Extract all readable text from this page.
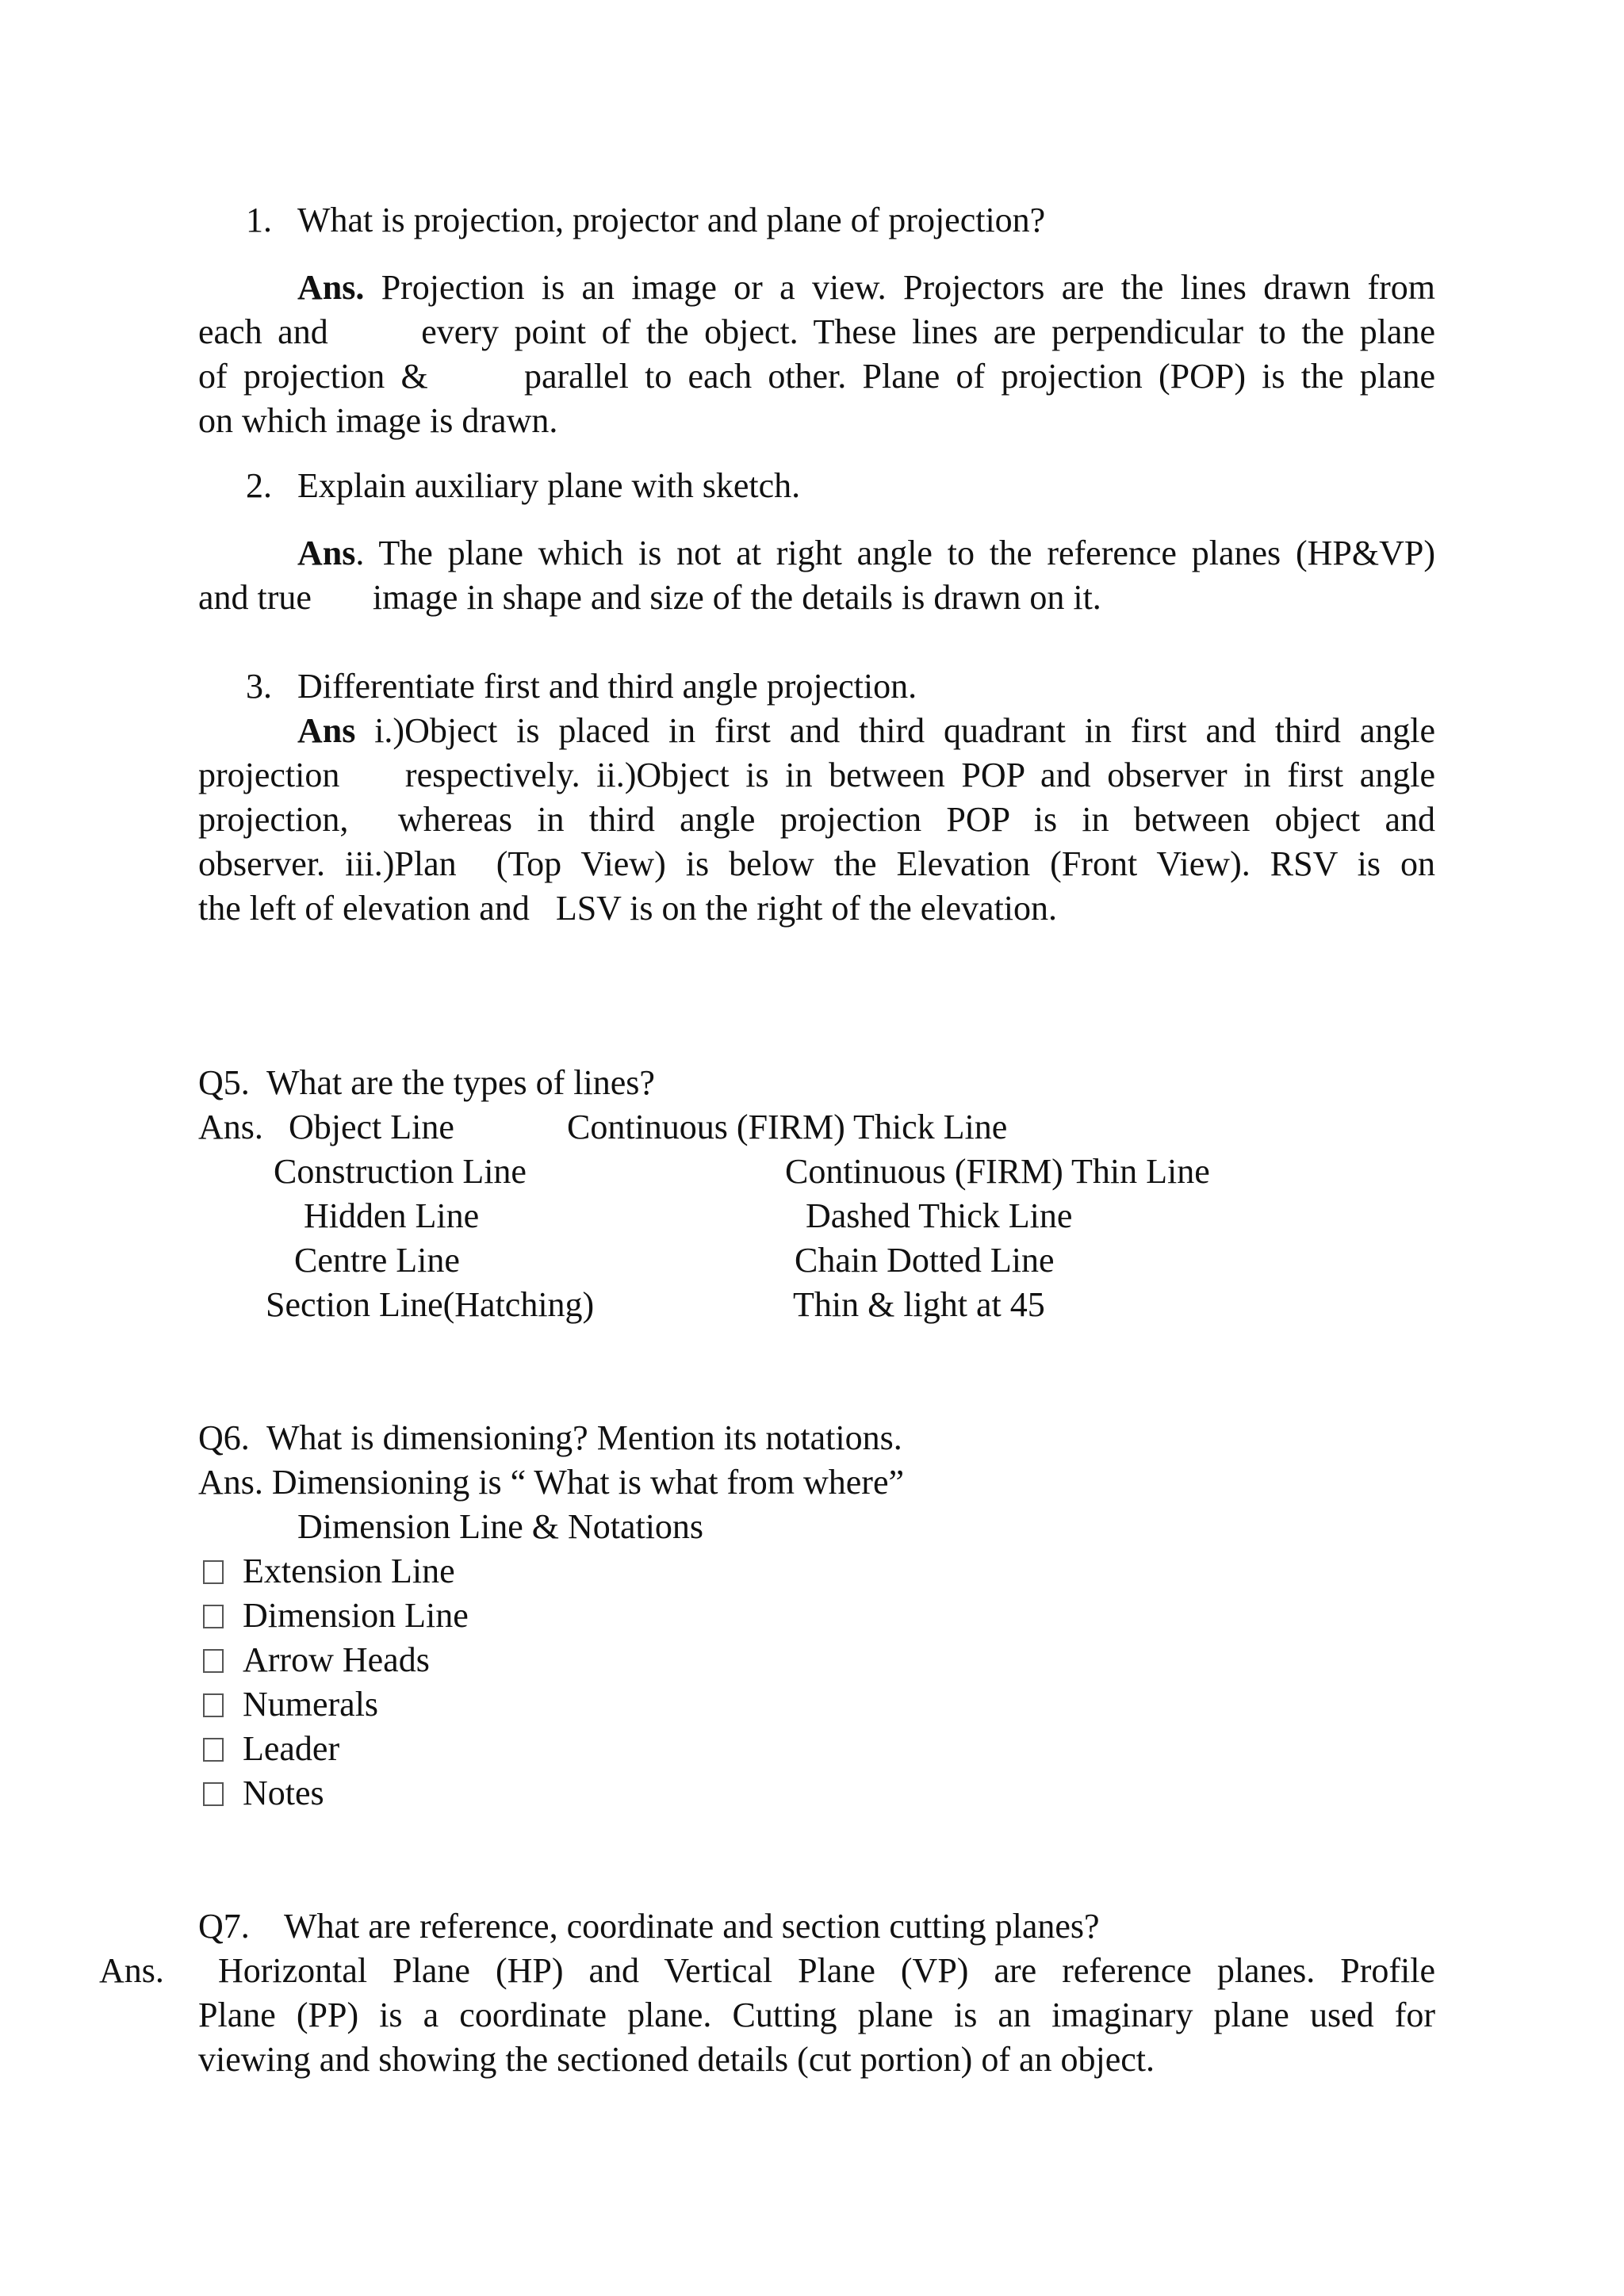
1. What is projection, projector and plane of projection?
Ans. Projection is an image or a view. Projectors are the lines drawn from
each and      every point of the object. These lines are perpendicular to the plane
of projection &      parallel to each other. Plane of projection (POP) is the plane
on which image is drawn.
2. Explain auxiliary plane with sketch.
Ans. The plane which is not at right angle to the reference planes (HP&VP)
and true       image in shape and size of the details is drawn on it.
3. Differentiate first and third angle projection.
Ans i.)Object is placed in first and third quadrant in first and third angle
projection    respectively. ii.)Object is in between POP and observer in first angle
projection,  whereas in third angle projection POP is in between object and
observer. iii.)Plan  (Top View) is below the Elevation (Front View). RSV is on
the left of elevation and   LSV is on the right of the elevation.
Q5.  What are the types of lines?
Ans. Object Line	Continuous (FIRM) Thick Line
Construction Line	Continuous (FIRM) Thin Line
Hidden Line	Dashed Thick Line
Centre Line	Chain Dotted Line
Section Line(Hatching)	Thin & light at 45
Q6.  What is dimensioning? Mention its notations.
Ans. Dimensioning is “ What is what from where”
Dimension Line & Notations
Extension Line
Dimension Line
Arrow Heads
Numerals
Leader
Notes
Q7.    What are reference, coordinate and section cutting planes?
Ans.	Horizontal Plane (HP) and Vertical Plane (VP) are reference planes. Profile
Plane (PP) is a coordinate plane. Cutting plane is an imaginary plane used for
viewing and showing the sectioned details (cut portion) of an object.
